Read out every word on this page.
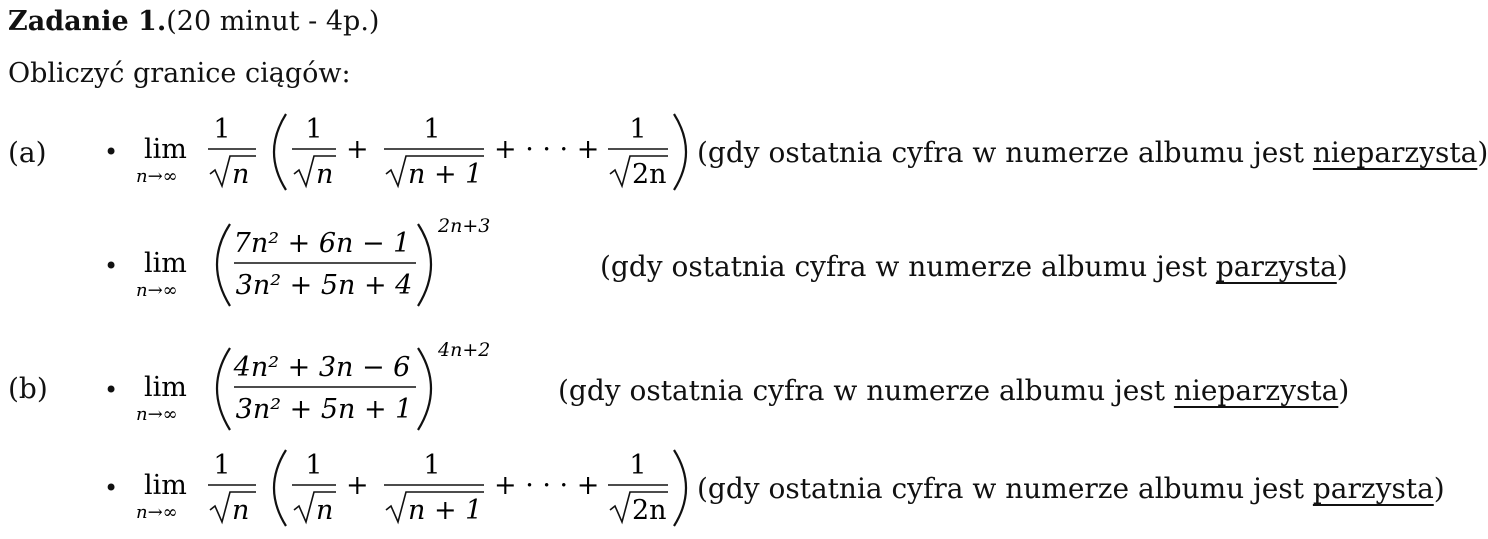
Zadanie 1.(20 minut - 4p.)
Obliczyć granice ciągów:
(a)
(b)
•
•
•
•
lim
n→∞
1
n
1
n
+
1
n + 1
+ · · · +
1
2n
(gdy ostatnia cyfra w numerze albumu jest nieparzysta)
lim
n→∞
7n² + 6n − 1
3n² + 5n + 4
2n+3
(gdy ostatnia cyfra w numerze albumu jest parzysta)
lim
n→∞
4n² + 3n − 6
3n² + 5n + 1
4n+2
(gdy ostatnia cyfra w numerze albumu jest nieparzysta)
lim
n→∞
1
n
1
n
+
1
n + 1
+ · · · +
1
2n
(gdy ostatnia cyfra w numerze albumu jest parzysta)
